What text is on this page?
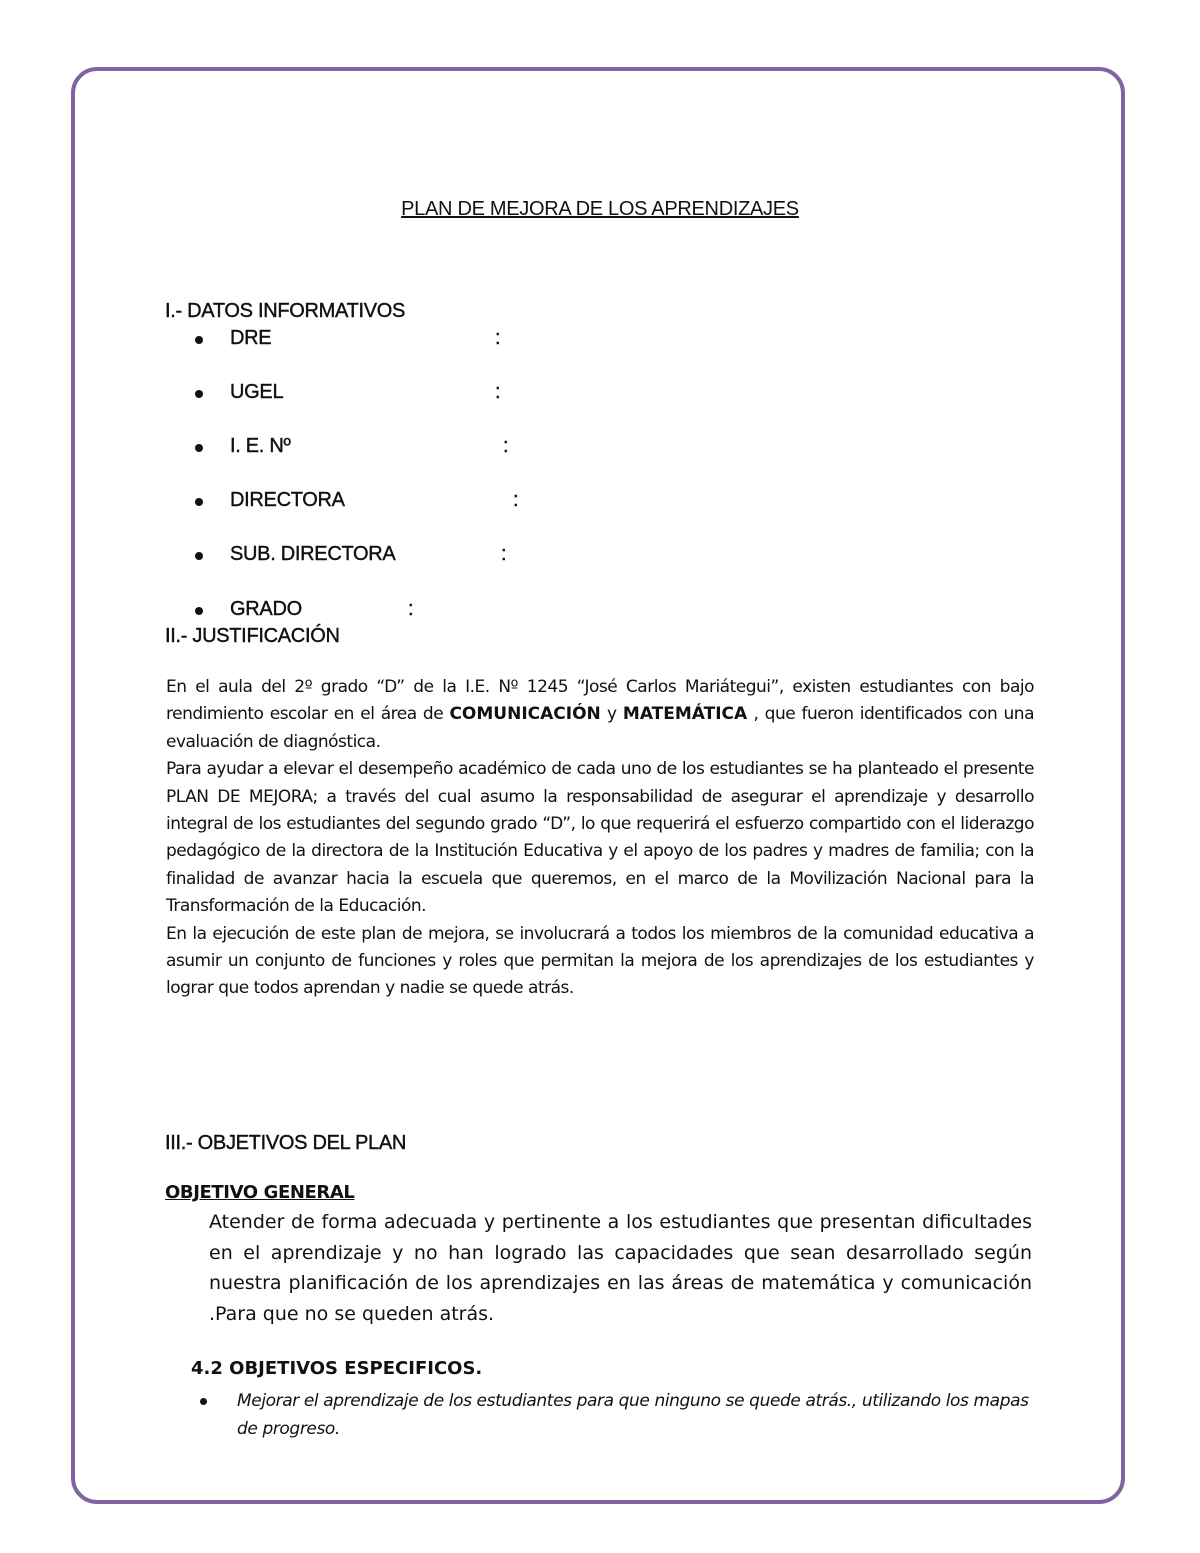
PLAN DE MEJORA DE LOS APRENDIZAJES
I.- DATOS INFORMATIVOS
DRE	:
UGEL	:
I. E. Nº	:
DIRECTORA	:
SUB. DIRECTORA	:
GRADO	:
II.- JUSTIFICACIÓN

En el aula del 2º grado “D” de la I.E. Nº 1245 “José Carlos Mariátegui”, existen estudiantes con bajo rendimiento escolar en el área de COMUNICACIÓN y MATEMÁTICA , que fueron identificados con una evaluación de diagnóstica.

Para ayudar a elevar el desempeño académico de cada uno de los estudiantes se ha planteado el presente PLAN DE MEJORA; a través del cual asumo la responsabilidad de asegurar el aprendizaje y desarrollo integral de los estudiantes del segundo grado “D”, lo que requerirá el esfuerzo compartido con el liderazgo pedagógico de la directora de la Institución Educativa y el apoyo de los padres y madres de familia; con la finalidad de avanzar hacia la escuela que queremos, en el marco de la Movilización Nacional para la Transformación de la Educación.

En la ejecución de este plan de mejora, se involucrará a todos los miembros de la comunidad educativa a asumir un conjunto de funciones y roles que permitan la mejora de los aprendizajes de los estudiantes y lograr que todos aprendan y nadie se quede atrás.

III.- OBJETIVOS DEL PLAN
OBJETIVO GENERAL
Atender de forma adecuada y pertinente a los estudiantes que presentan dificultades en el aprendizaje y no han logrado las capacidades que sean desarrollado según nuestra planificación de los aprendizajes en las áreas de matemática y comunicación .Para que no se queden atrás.
4.2 OBJETIVOS ESPECIFICOS.
Mejorar el aprendizaje de los estudiantes para que ninguno se quede atrás., utilizando los mapas de progreso.
